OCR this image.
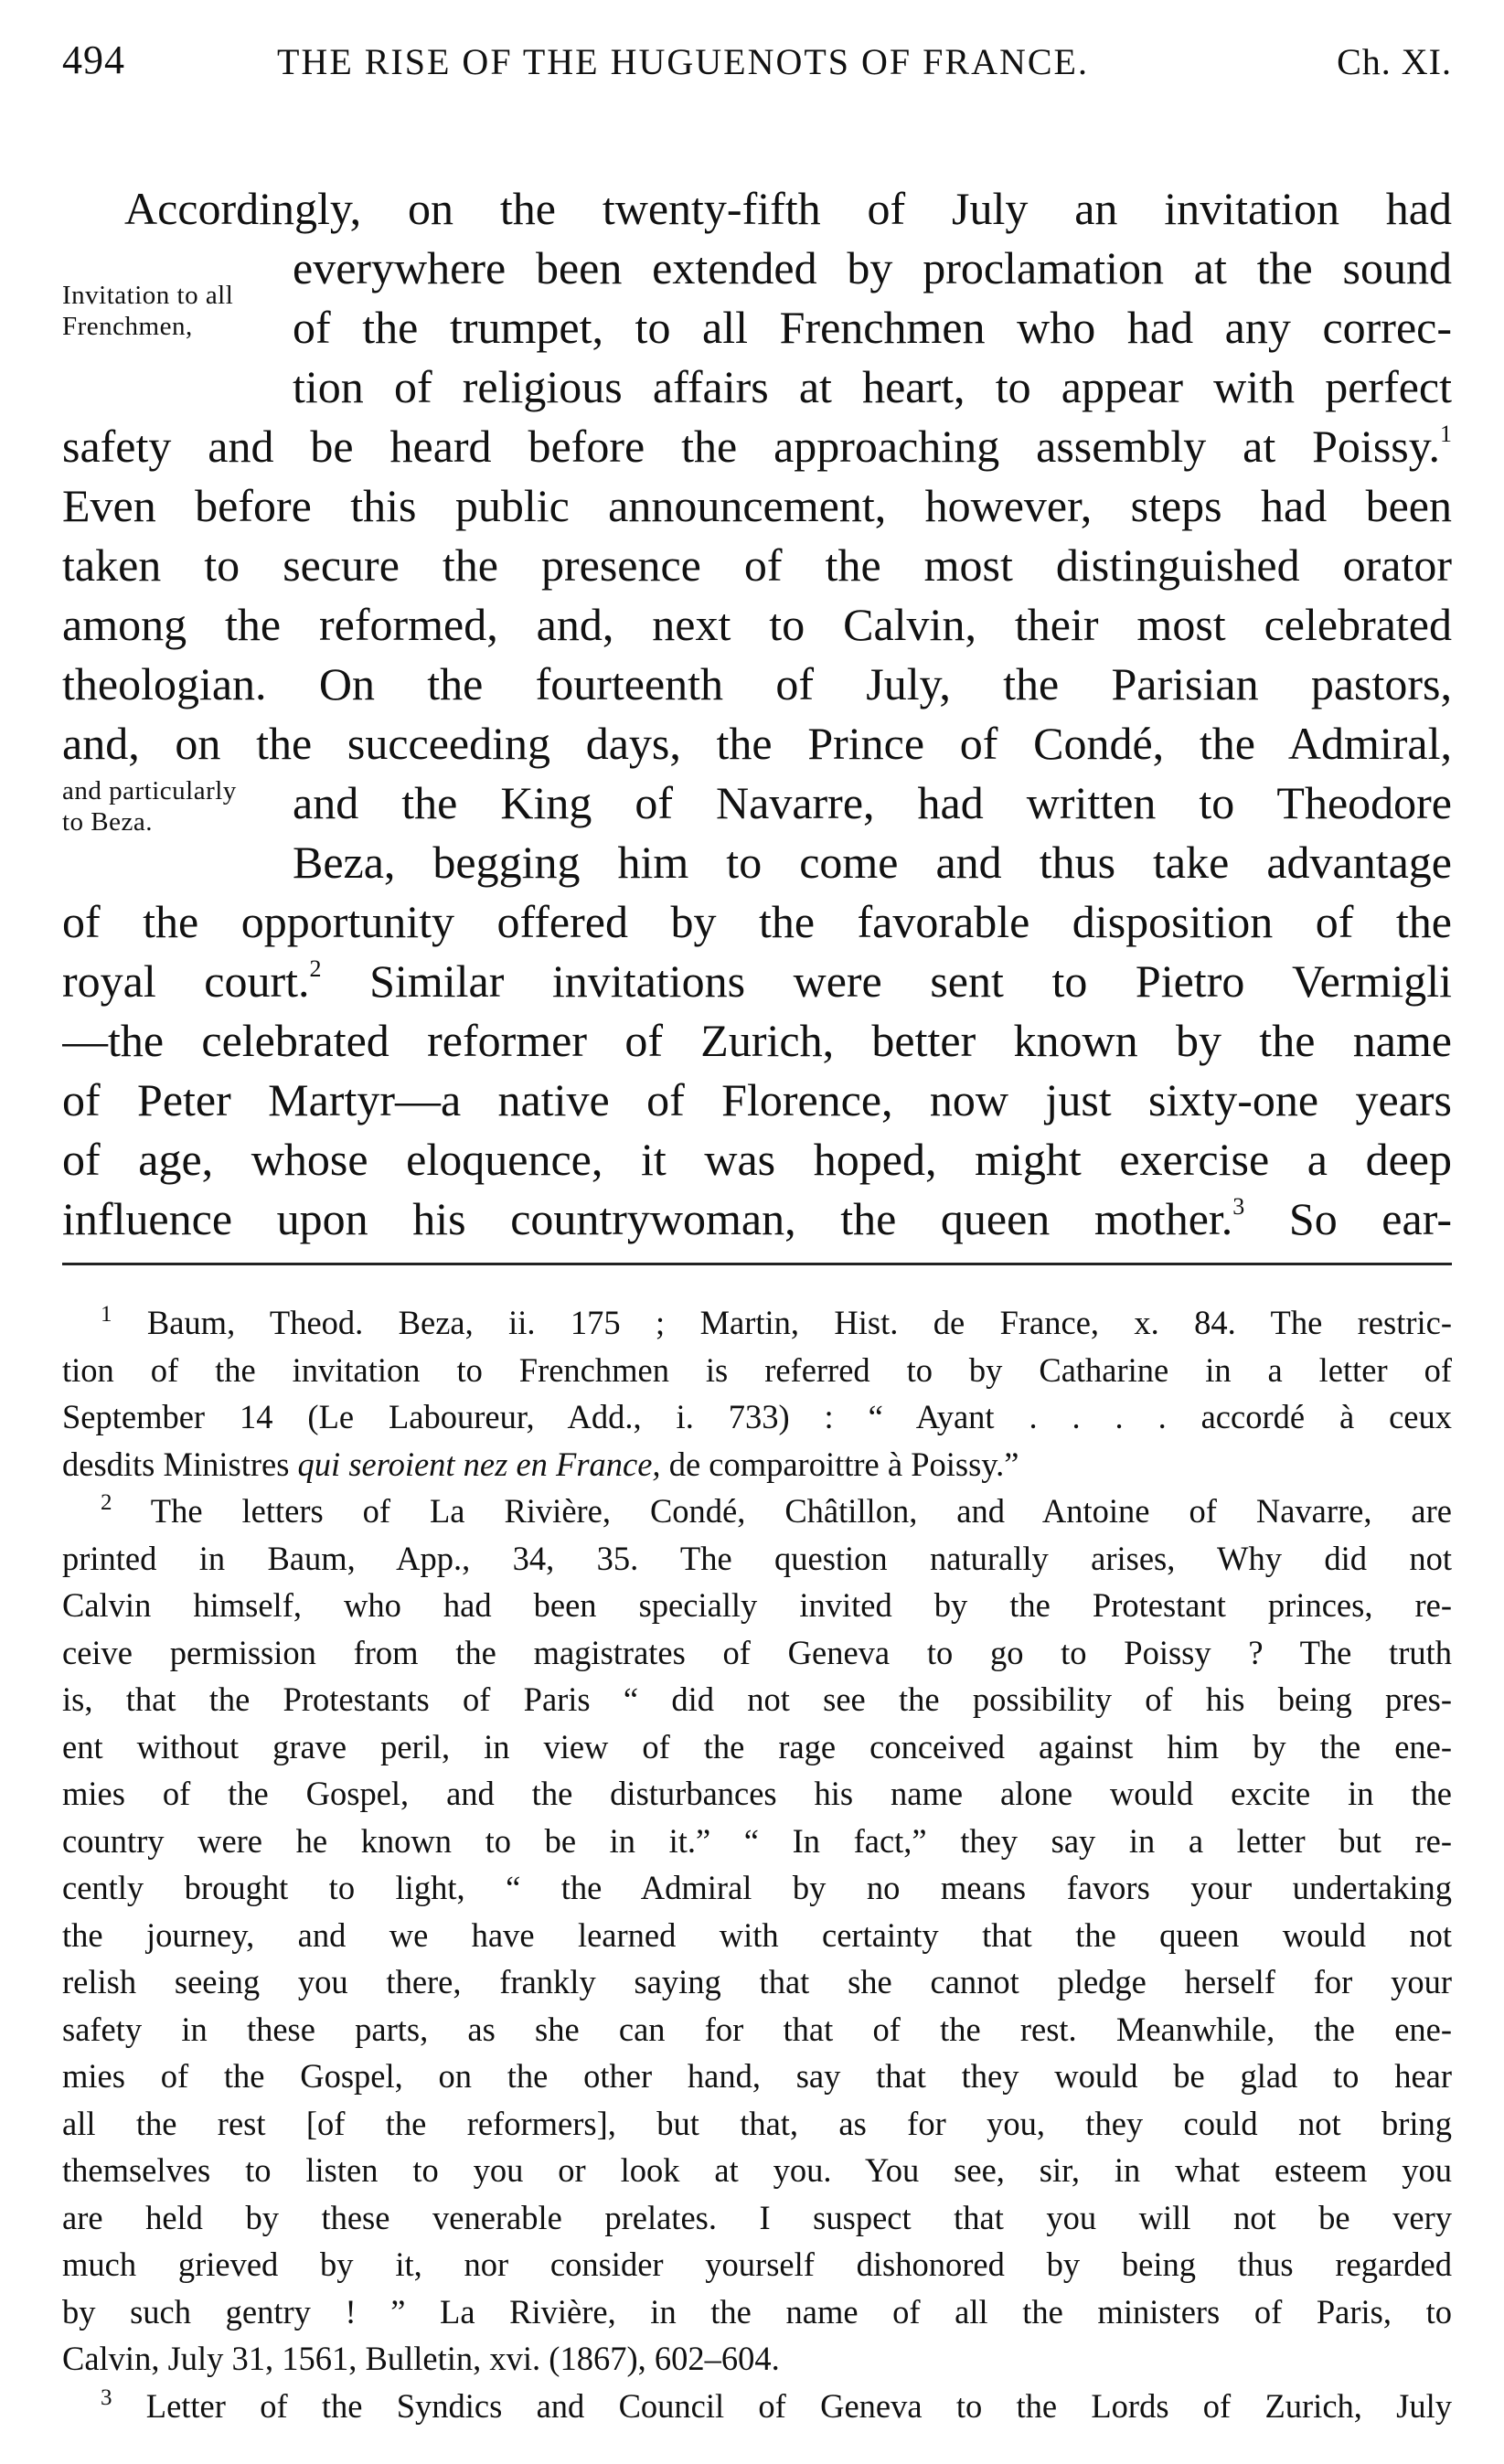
494	THE RISE OF THE HUGUENOTS OF FRANCE.	Ch. XI.
Invitation to all Frenchmen,
and particularly to Beza.
Accordingly, on the twenty-fifth of July an invitation had
everywhere been extended by proclamation at the sound
of the trumpet, to all Frenchmen who had any correc-
tion of religious affairs at heart, to appear with perfect
safety and be heard before the approaching assembly at Poissy.$^1$
Even before this public announcement, however, steps had been
taken to secure the presence of the most distinguished orator
among the reformed, and, next to Calvin, their most celebrated
theologian. On the fourteenth of July, the Parisian pastors,
and, on the succeeding days, the Prince of Condé, the Admiral,
and the King of Navarre, had written to Theodore
Beza, begging him to come and thus take advantage
of the opportunity offered by the favorable disposition of the
royal court.$^2$ Similar invitations were sent to Pietro Vermigli
—the celebrated reformer of Zurich, better known by the name
of Peter Martyr—a native of Florence, now just sixty-one years
of age, whose eloquence, it was hoped, might exercise a deep
influence upon his countrywoman, the queen mother.$^3$ So ear-
$^1$ Baum, Theod. Beza, ii. 175 ; Martin, Hist. de France, x. 84. The restric-
tion of the invitation to Frenchmen is referred to by Catharine in a letter of
September 14 (Le Laboureur, Add., i. 733) : “ Ayant . . . . accordé à ceux
desdits Ministres qui seroient nez en France, de comparoittre à Poissy.”
$^2$ The letters of La Rivière, Condé, Châtillon, and Antoine of Navarre, are
printed in Baum, App., 34, 35. The question naturally arises, Why did not
Calvin himself, who had been specially invited by the Protestant princes, re-
ceive permission from the magistrates of Geneva to go to Poissy ? The truth
is, that the Protestants of Paris “ did not see the possibility of his being pres-
ent without grave peril, in view of the rage conceived against him by the ene-
mies of the Gospel, and the disturbances his name alone would excite in the
country were he known to be in it.” “ In fact,” they say in a letter but re-
cently brought to light, “ the Admiral by no means favors your undertaking
the journey, and we have learned with certainty that the queen would not
relish seeing you there, frankly saying that she cannot pledge herself for your
safety in these parts, as she can for that of the rest. Meanwhile, the ene-
mies of the Gospel, on the other hand, say that they would be glad to hear
all the rest [of the reformers], but that, as for you, they could not bring
themselves to listen to you or look at you. You see, sir, in what esteem you
are held by these venerable prelates. I suspect that you will not be very
much grieved by it, nor consider yourself dishonored by being thus regarded
by such gentry ! ” La Rivière, in the name of all the ministers of Paris, to
Calvin, July 31, 1561, Bulletin, xvi. (1867), 602–604.
$^3$ Letter of the Syndics and Council of Geneva to the Lords of Zurich, July
